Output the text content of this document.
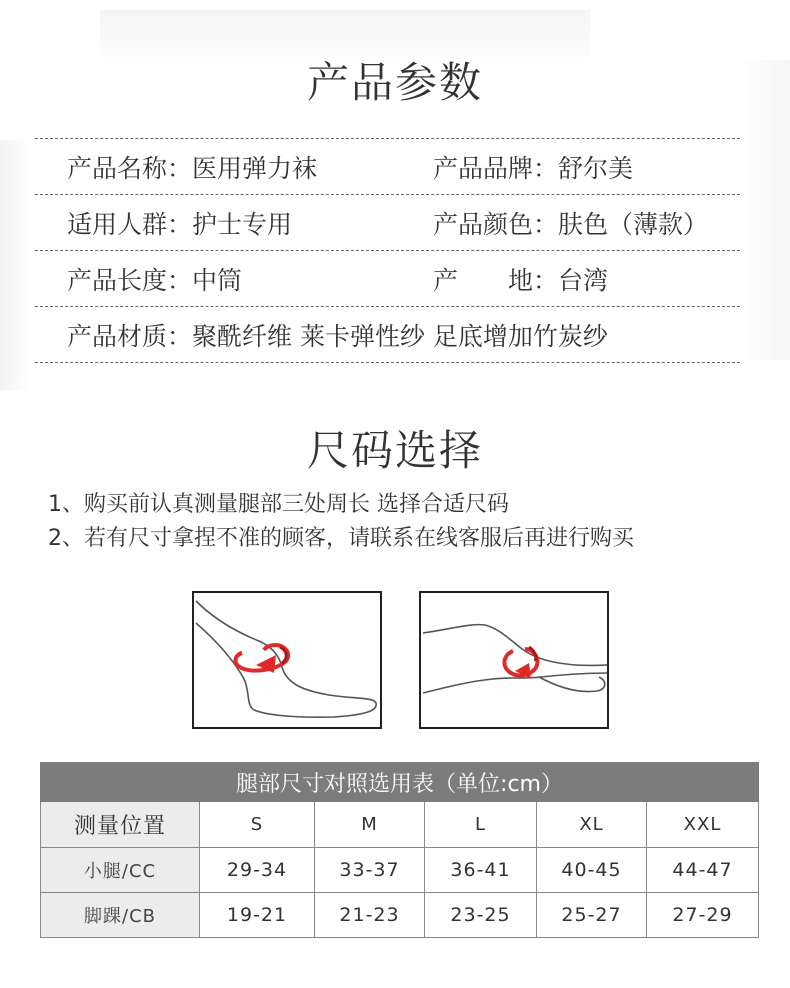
产品参数
产品名称：医用弹力袜	产品品牌：舒尔美
适用人群：护士专用	产品颜色：肤色（薄款）
产品长度：中筒	产　　地：台湾
产品材质：聚酰纤维 莱卡弹性纱 足底增加竹炭纱
尺码选择
1、购买前认真测量腿部三处周长 选择合适尺码
2、若有尺寸拿捏不准的顾客，请联系在线客服后再进行购买
腿部尺寸对照选用表（单位:cm）					
测量位置	S	M	L	XL	XXL
小腿/CC	29-34	33-37	36-41	40-45	44-47
脚踝/CB	19-21	21-23	23-25	25-27	27-29
